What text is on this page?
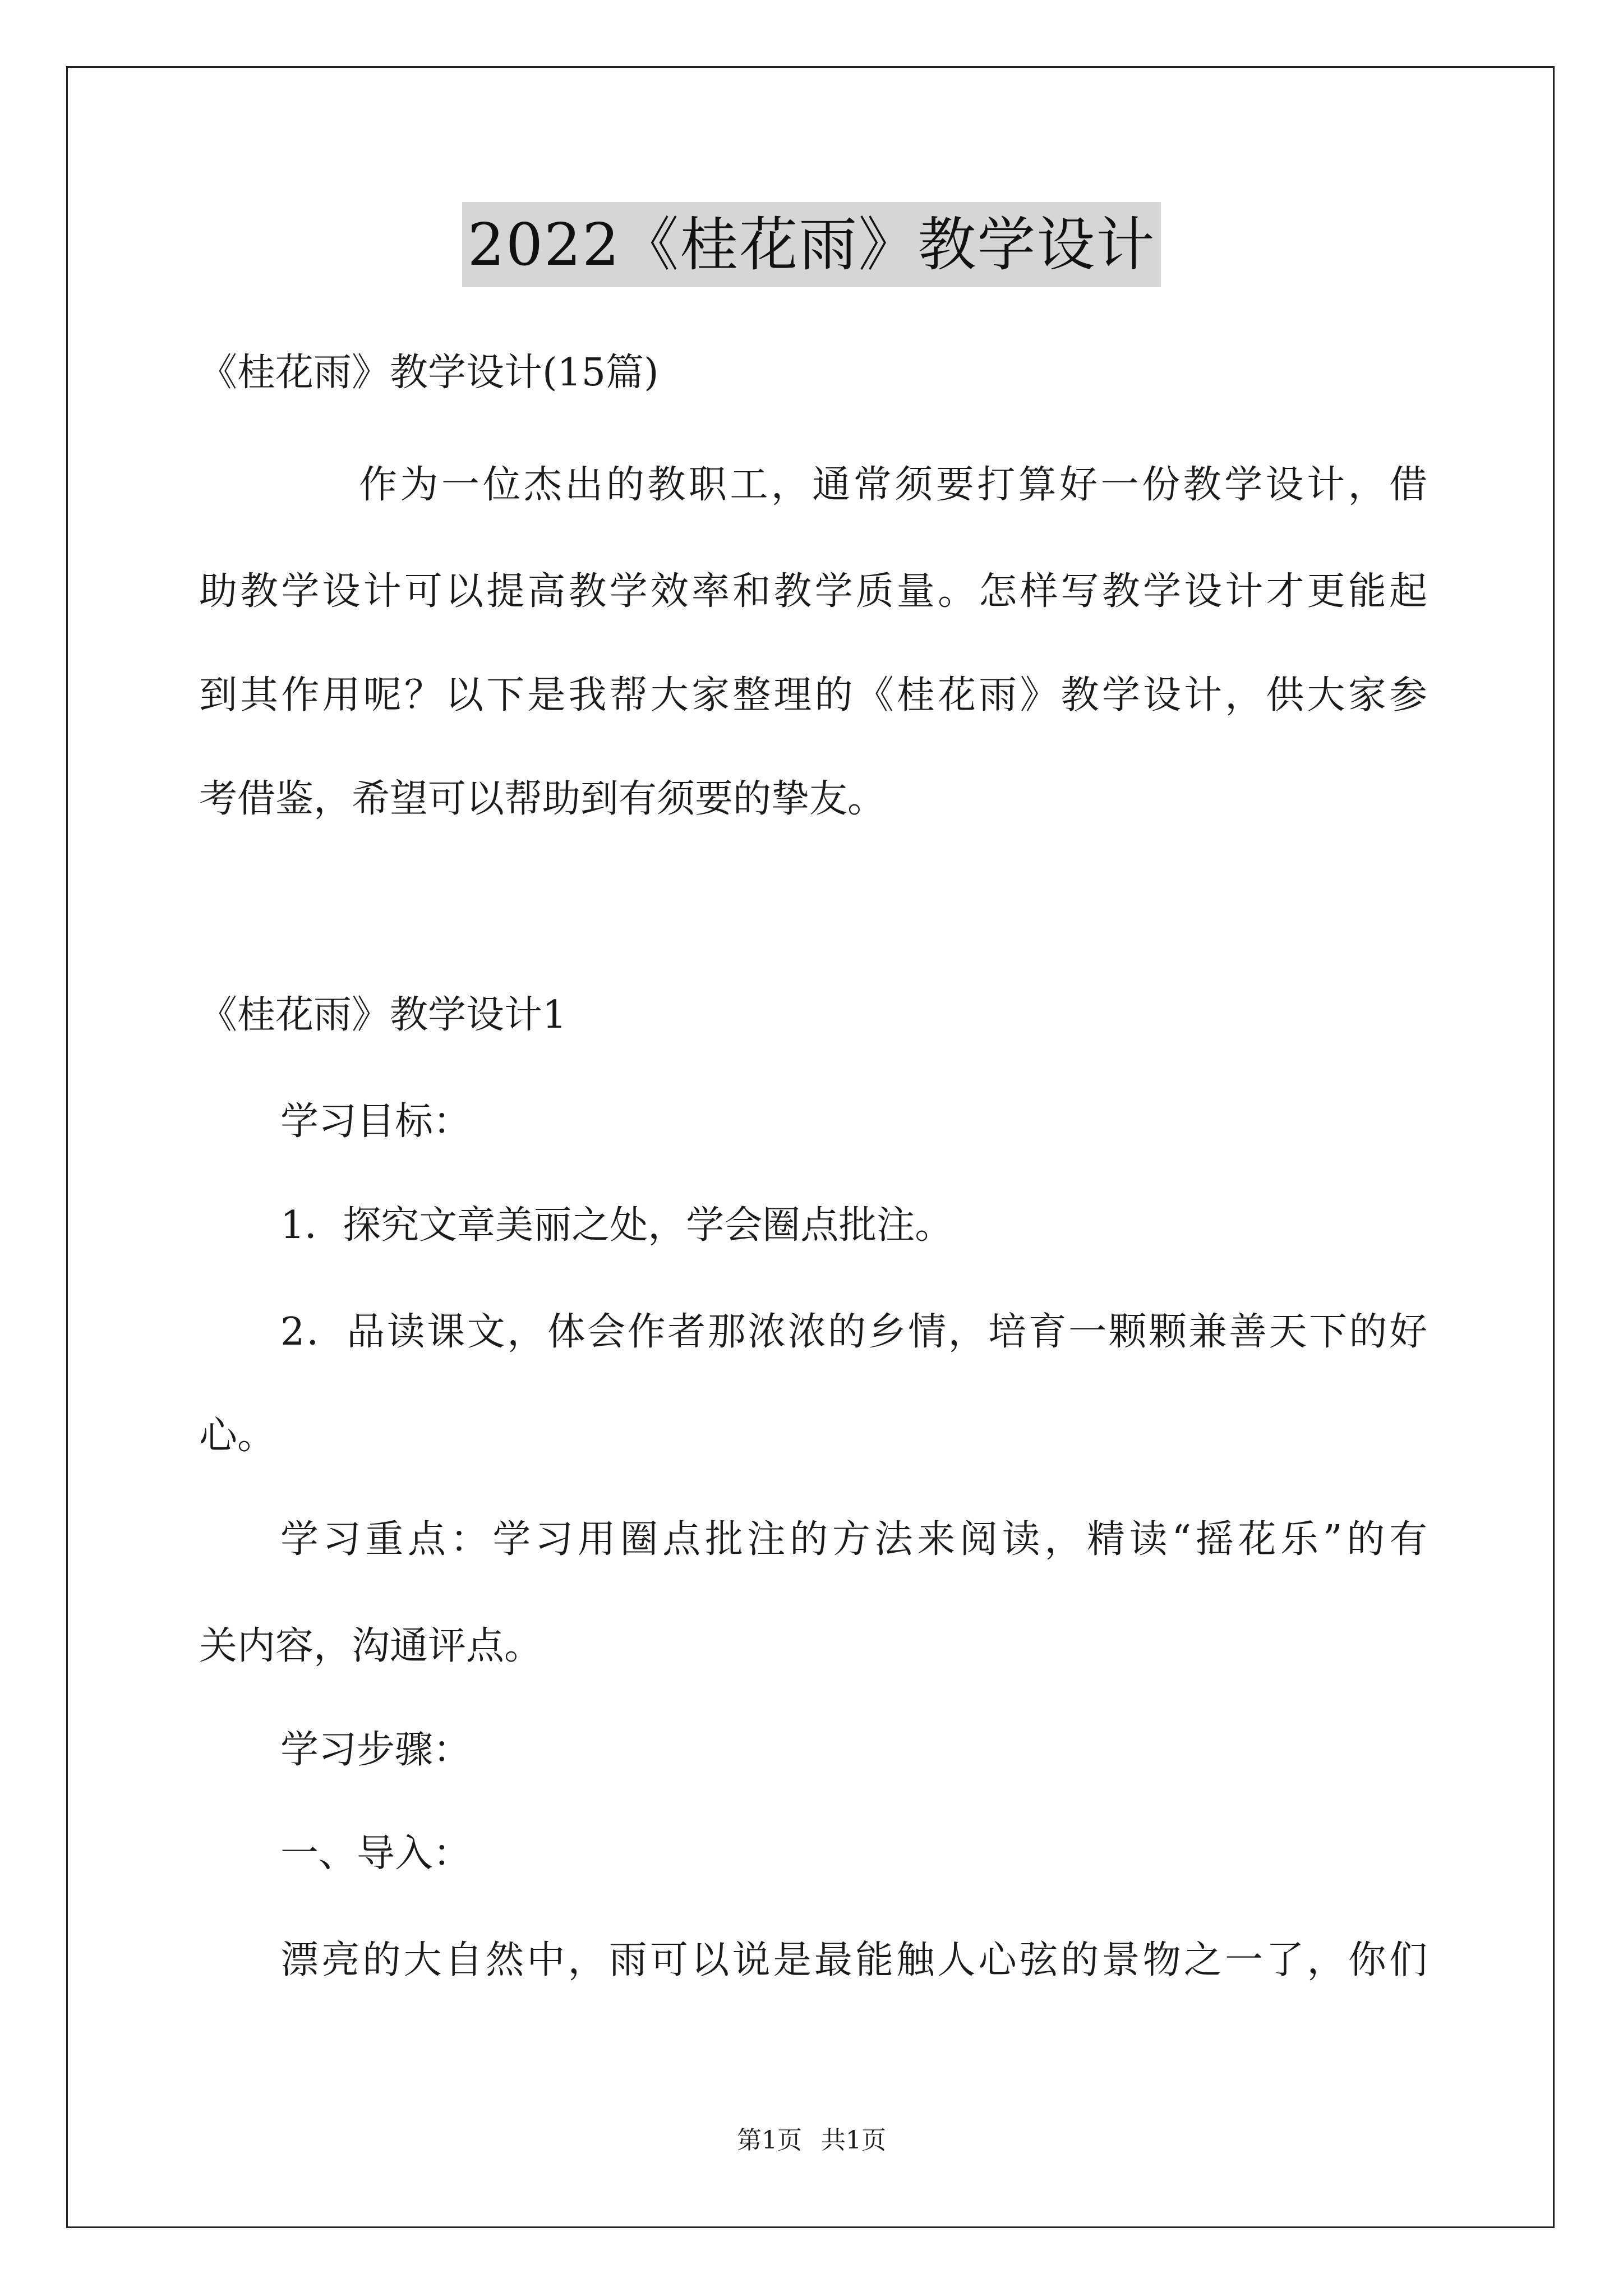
2022《桂花雨》教学设计
《桂花雨》教学设计(15篇)
作为一位杰出的教职工，通常须要打算好一份教学设计，借
助教学设计可以提高教学效率和教学质量。怎样写教学设计才更能起
到其作用呢？以下是我帮大家整理的《桂花雨》教学设计，供大家参
考借鉴，希望可以帮助到有须要的挚友。
《桂花雨》教学设计1
学习目标：
1．探究文章美丽之处，学会圈点批注。
2．品读课文，体会作者那浓浓的乡情，培育一颗颗兼善天下的好
心。
学习重点：学习用圈点批注的方法来阅读，精读“摇花乐”的有
关内容，沟通评点。
学习步骤：
一、导入：
漂亮的大自然中，雨可以说是最能触人心弦的景物之一了，你们
第1页 共1页
